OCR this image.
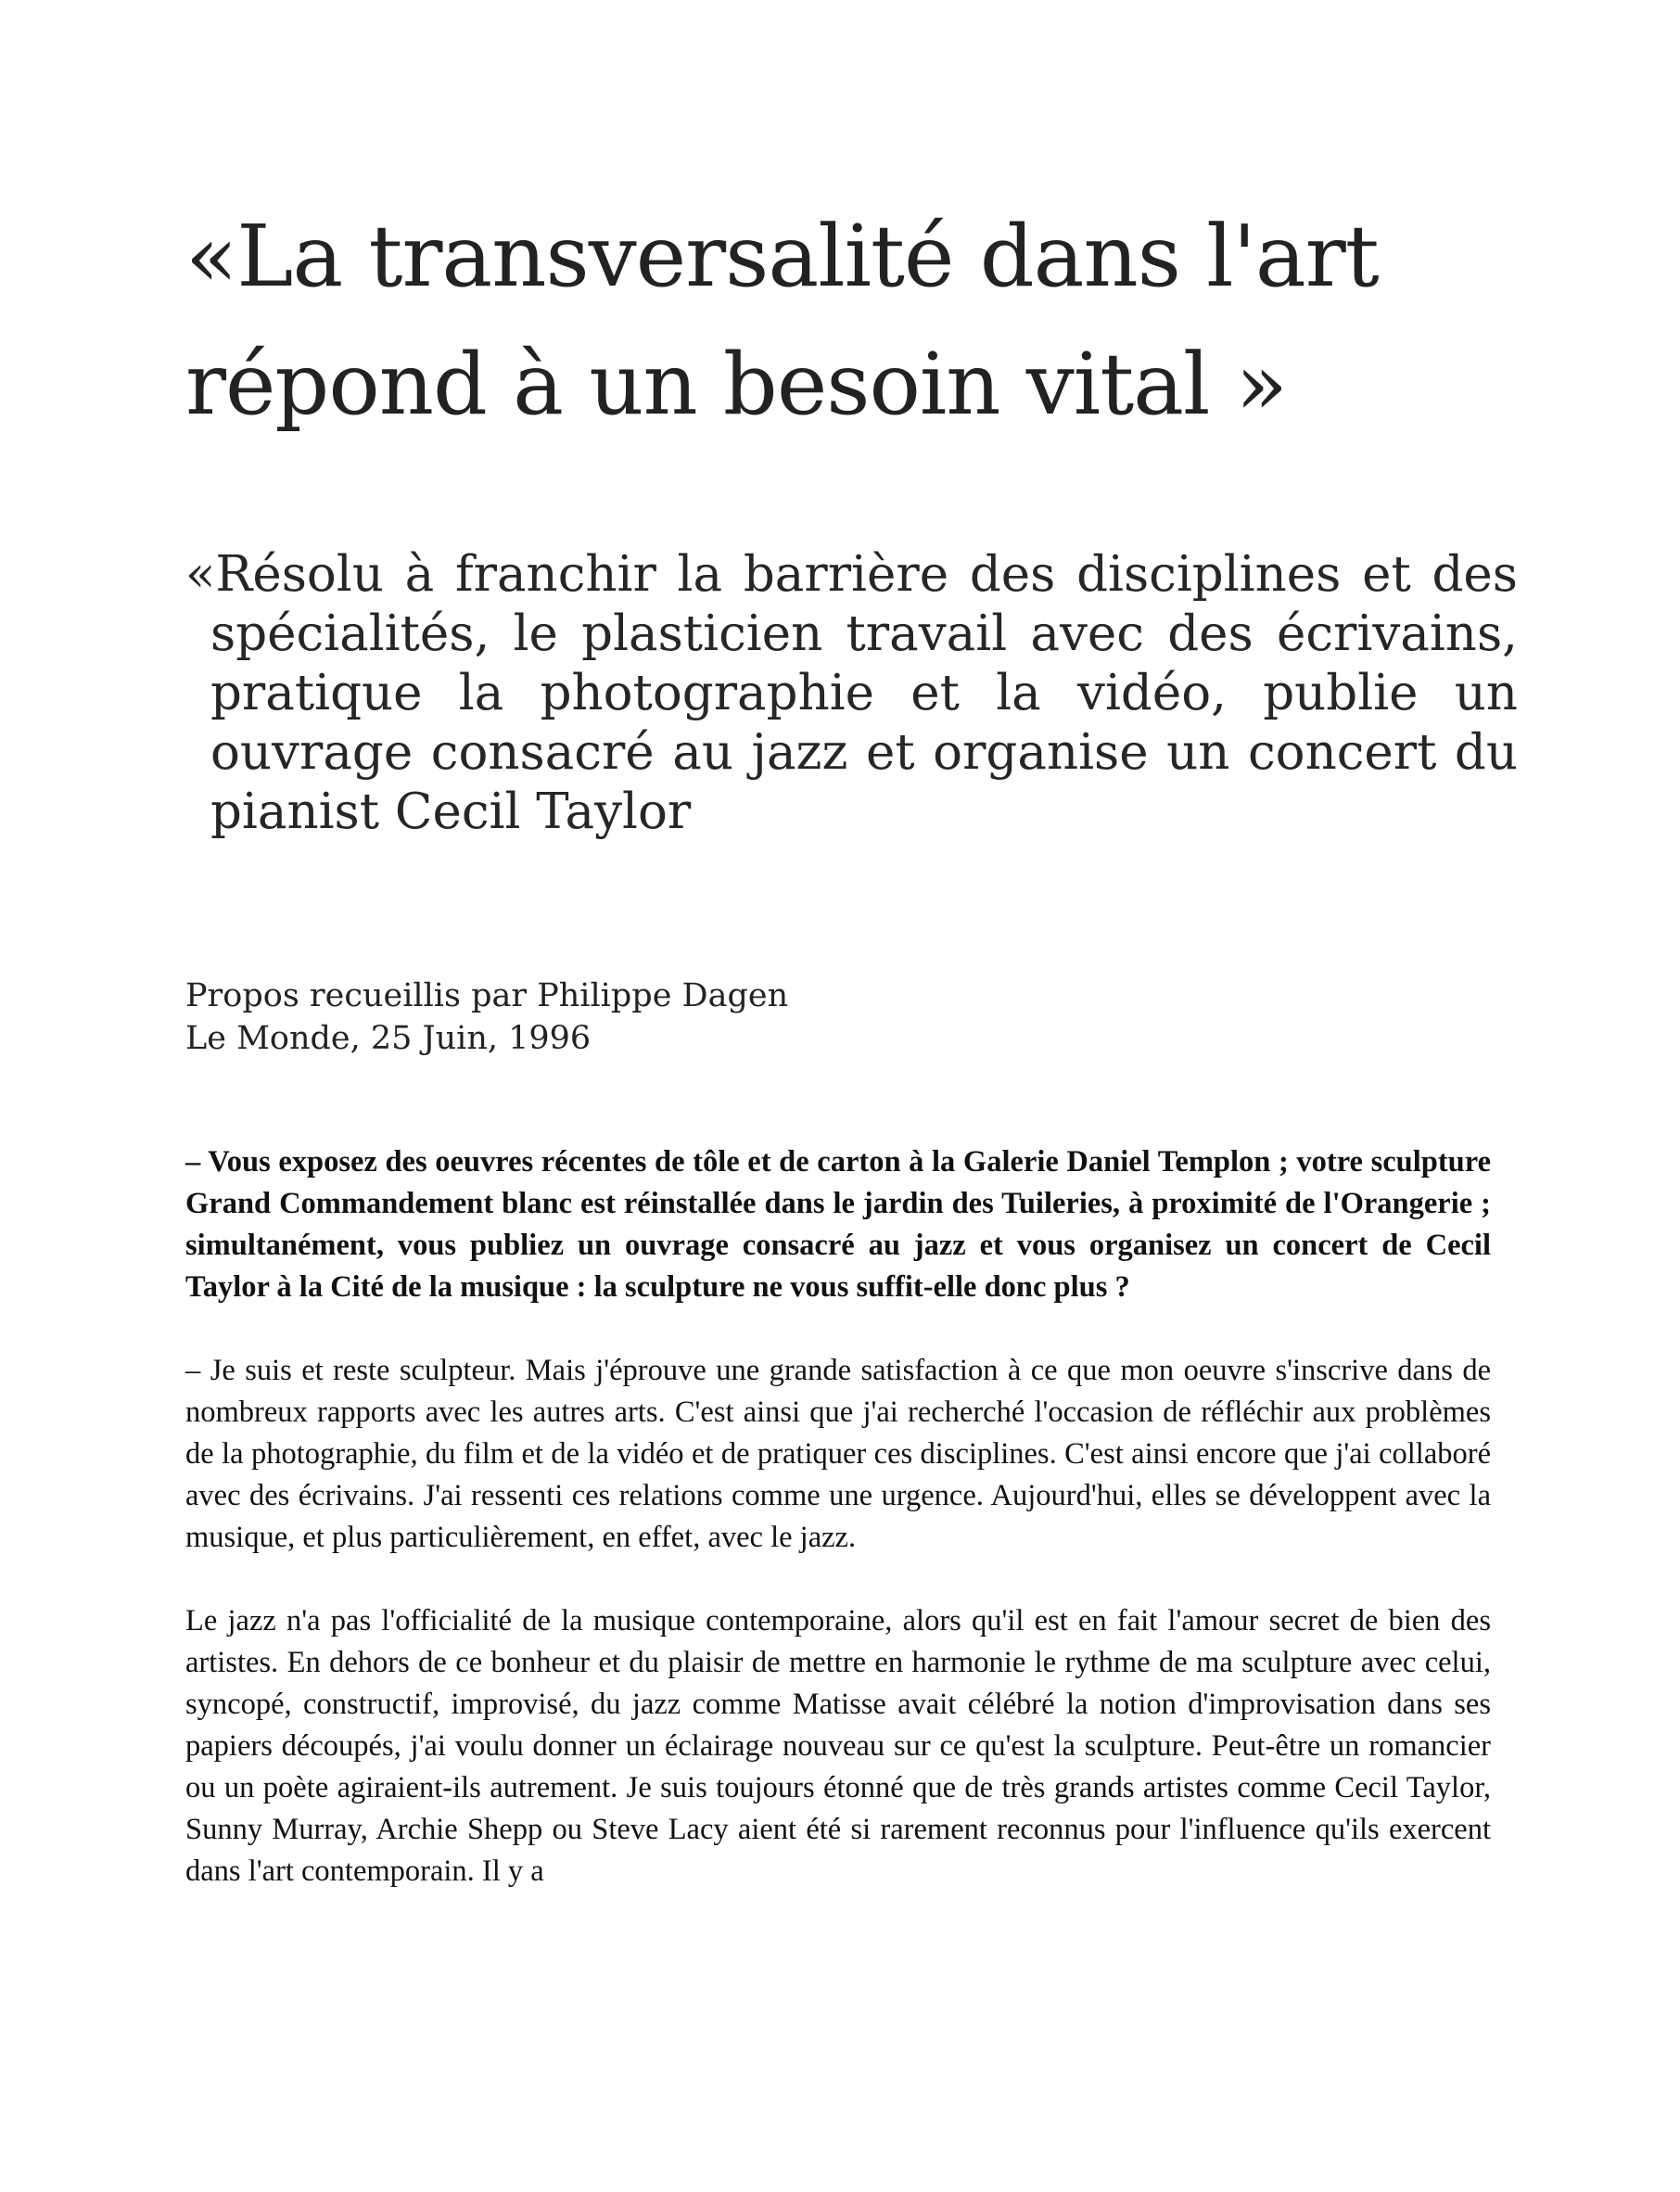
«La transversalité dans l'art
répond à un besoin vital »

«Résolu à franchir la barrière des disciplines et des spécialités, le plasticien travail avec des écrivains, pratique la photographie et la vidéo, publie un ouvrage consacré au jazz et organise un concert du pianist Cecil Taylor

Propos recueillis par Philippe Dagen
Le Monde, 25 Juin, 1996

– Vous exposez des oeuvres récentes de tôle et de carton à la Galerie Daniel Templon ; votre sculpture Grand Commandement blanc est réinstallée dans le jardin des Tuileries, à proximité de l'Orangerie ; simultanément, vous publiez un ouvrage consacré au jazz et vous organisez un concert de Cecil Taylor à la Cité de la musique : la sculpture ne vous suffit-elle donc plus ?

– Je suis et reste sculpteur. Mais j'éprouve une grande satisfaction à ce que mon oeuvre s'inscrive dans de nombreux rapports avec les autres arts. C'est ainsi que j'ai recherché l'occasion de réfléchir aux problèmes de la photographie, du film et de la vidéo et de pratiquer ces disciplines. C'est ainsi encore que j'ai collaboré avec des écrivains. J'ai ressenti ces relations comme une urgence. Aujourd'hui, elles se développent avec la musique, et plus particulièrement, en effet, avec le jazz.

Le jazz n'a pas l'officialité de la musique contemporaine, alors qu'il est en fait l'amour secret de bien des artistes. En dehors de ce bonheur et du plaisir de mettre en harmonie le rythme de ma sculpture avec celui, syncopé, constructif, improvisé, du jazz comme Matisse avait célébré la notion d'improvisation dans ses papiers découpés, j'ai voulu donner un éclairage nouveau sur ce qu'est la sculpture. Peut-être un romancier ou un poète agiraient-ils autrement. Je suis toujours étonné que de très grands artistes comme Cecil Taylor, Sunny Murray, Archie Shepp ou Steve Lacy aient été si rarement reconnus pour l'influence qu'ils exercent dans l'art contemporain. Il y a
